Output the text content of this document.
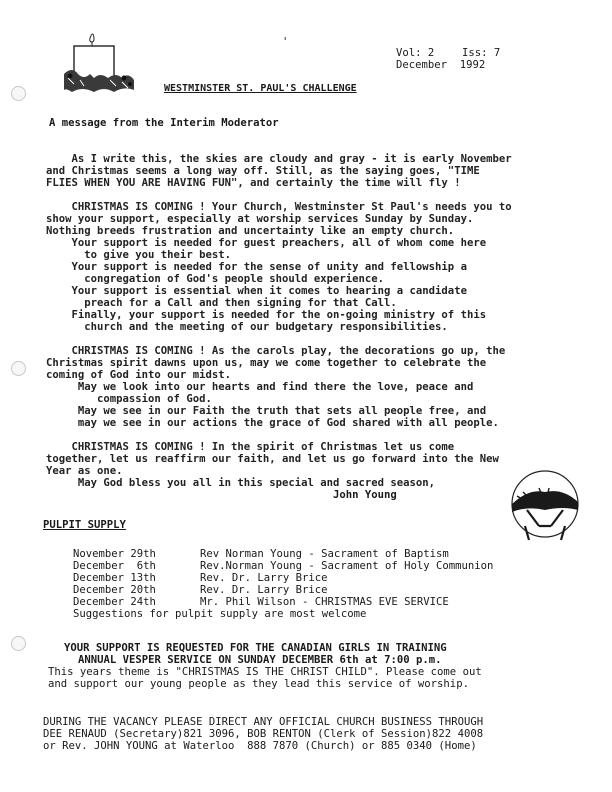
'
Vol: 2	Iss: 7
December  1992
WESTMINSTER ST. PAUL'S CHALLENGE
A message from the Interim Moderator

As I write this, the skies are cloudy and gray - it is early November
and Christmas seems a long way off. Still, as the saying goes, "TIME
FLIES WHEN YOU ARE HAVING FUN", and certainly the time will fly !

CHRISTMAS IS COMING ! Your Church, Westminster St Paul's needs you to
show your support, especially at worship services Sunday by Sunday.
Nothing breeds frustration and uncertainty like an empty church.
Your support is needed for guest preachers, all of whom come here
to give you their best.
Your support is needed for the sense of unity and fellowship a
congregation of God's people should experience.
Your support is essential when it comes to hearing a candidate
preach for a Call and then signing for that Call.
Finally, your support is needed for the on-going ministry of this
church and the meeting of our budgetary responsibilities.

CHRISTMAS IS COMING ! As the carols play, the decorations go up, the
Christmas spirit dawns upon us, may we come together to celebrate the
coming of God into our midst.
May we look into our hearts and find there the love, peace and
compassion of God.
May we see in our Faith the truth that sets all people free, and
may we see in our actions the grace of God shared with all people.

CHRISTMAS IS COMING ! In the spirit of Christmas let us come
together, let us reaffirm our faith, and let us go forward into the New
Year as one.
May God bless you all in this special and sacred season,
John Young
PULPIT SUPPLY
November 29th	Rev Norman Young - Sacrament of Baptism
December  6th	Rev.Norman Young - Sacrament of Holy Communion
December 13th	Rev. Dr. Larry Brice
December 20th	Rev. Dr. Larry Brice
December 24th	Mr. Phil Wilson - CHRISTMAS EVE SERVICE
Suggestions for pulpit supply are most welcome
YOUR SUPPORT IS REQUESTED FOR THE CANADIAN GIRLS IN TRAINING
ANNUAL VESPER SERVICE ON SUNDAY DECEMBER 6th at 7:00 p.m.
This years theme is "CHRISTMAS IS THE CHRIST CHILD". Please come out
and support our young people as they lead this service of worship.
DURING THE VACANCY PLEASE DIRECT ANY OFFICIAL CHURCH BUSINESS THROUGH
DEE RENAUD (Secretary)821 3096, BOB RENTON (Clerk of Session)822 4008
or Rev. JOHN YOUNG at Waterloo  888 7870 (Church) or 885 0340 (Home)
